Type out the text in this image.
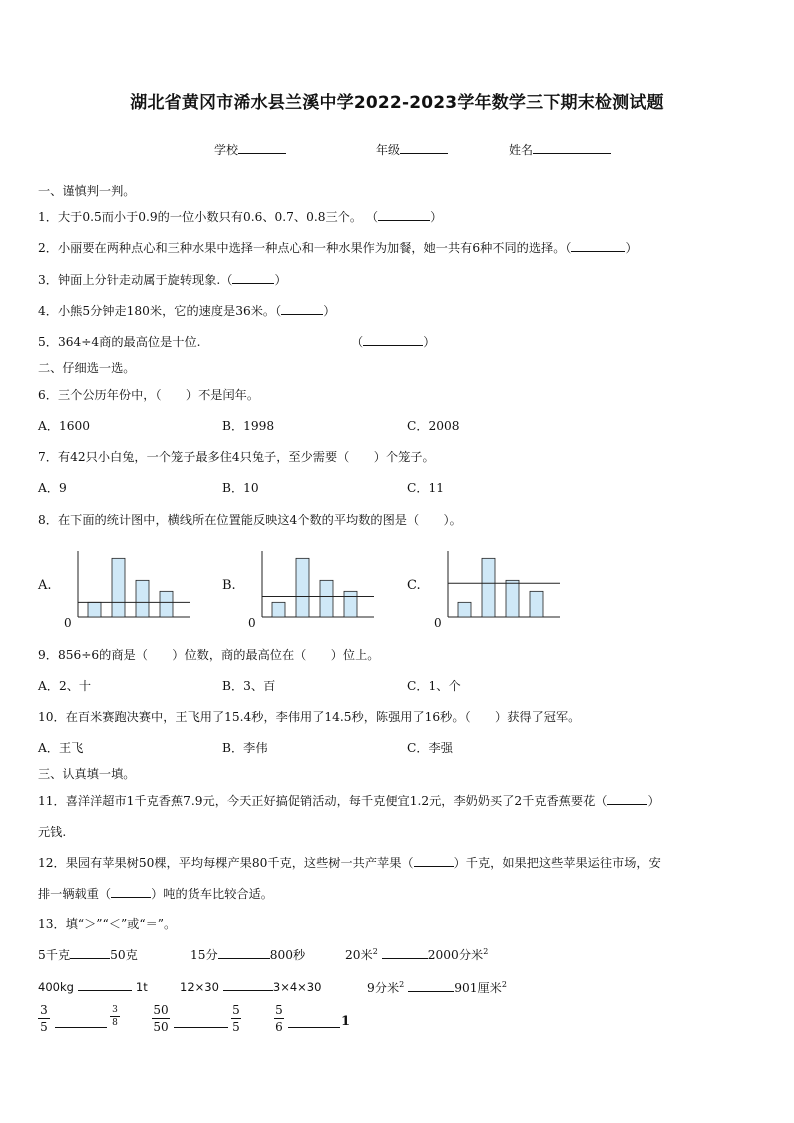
湖北省黄冈市浠水县兰溪中学2022-2023学年数学三下期末检测试题
学校	年级	姓名
一、谨慎判一判。
1．大于0.5而小于0.9的一位小数只有0.6、0.7、0.8三个。 （	）
2．小丽要在两种点心和三种水果中选择一种点心和一种水果作为加餐，她一共有6种不同的选择。（	）
3．钟面上分针走动属于旋转现象.（	）
4．小熊5分钟走180米，它的速度是36米。（	）
5．364÷4商的最高位是十位.	（	）
二、仔细选一选。
6．三个公历年份中，（　　）不是闰年。
A．1600	B．1998	C．2008
7．有42只小白兔，一个笼子最多住4只兔子，至少需要（　　）个笼子。
A．9	B．10	C．11
8．在下面的统计图中，横线所在位置能反映这4个数的平均数的图是（　　）。
A.	B.	C.
0	0	0
9．856÷6的商是（　　）位数，商的最高位在（　　）位上。
A．2、十	B．3、百	C．1、个
10．在百米赛跑决赛中，王飞用了15.4秒，李伟用了14.5秒，陈强用了16秒。（　　）获得了冠军。
A．王飞	B．李伟	C．李强
三、认真填一填。
11．喜洋洋超市1千克香蕉7.9元，今天正好搞促销活动，每千克便宜1.2元，李奶奶买了2千克香蕉要花（	）
元钱.
12．果园有苹果树50棵，平均每棵产果80千克，这些树一共产苹果（	）千克，如果把这些苹果运往市场，安
排一辆载重（	）吨的货车比较合适。
13．填“＞”“＜”或“＝”。
5千克	50克	15分	800秒	20米$^2$	2000分米$^2$
400kg	1t	12×30	3×4×30	9分米$^2$	901厘米$^2$
3
5
3
8
50
50
5
5
5
6	1
